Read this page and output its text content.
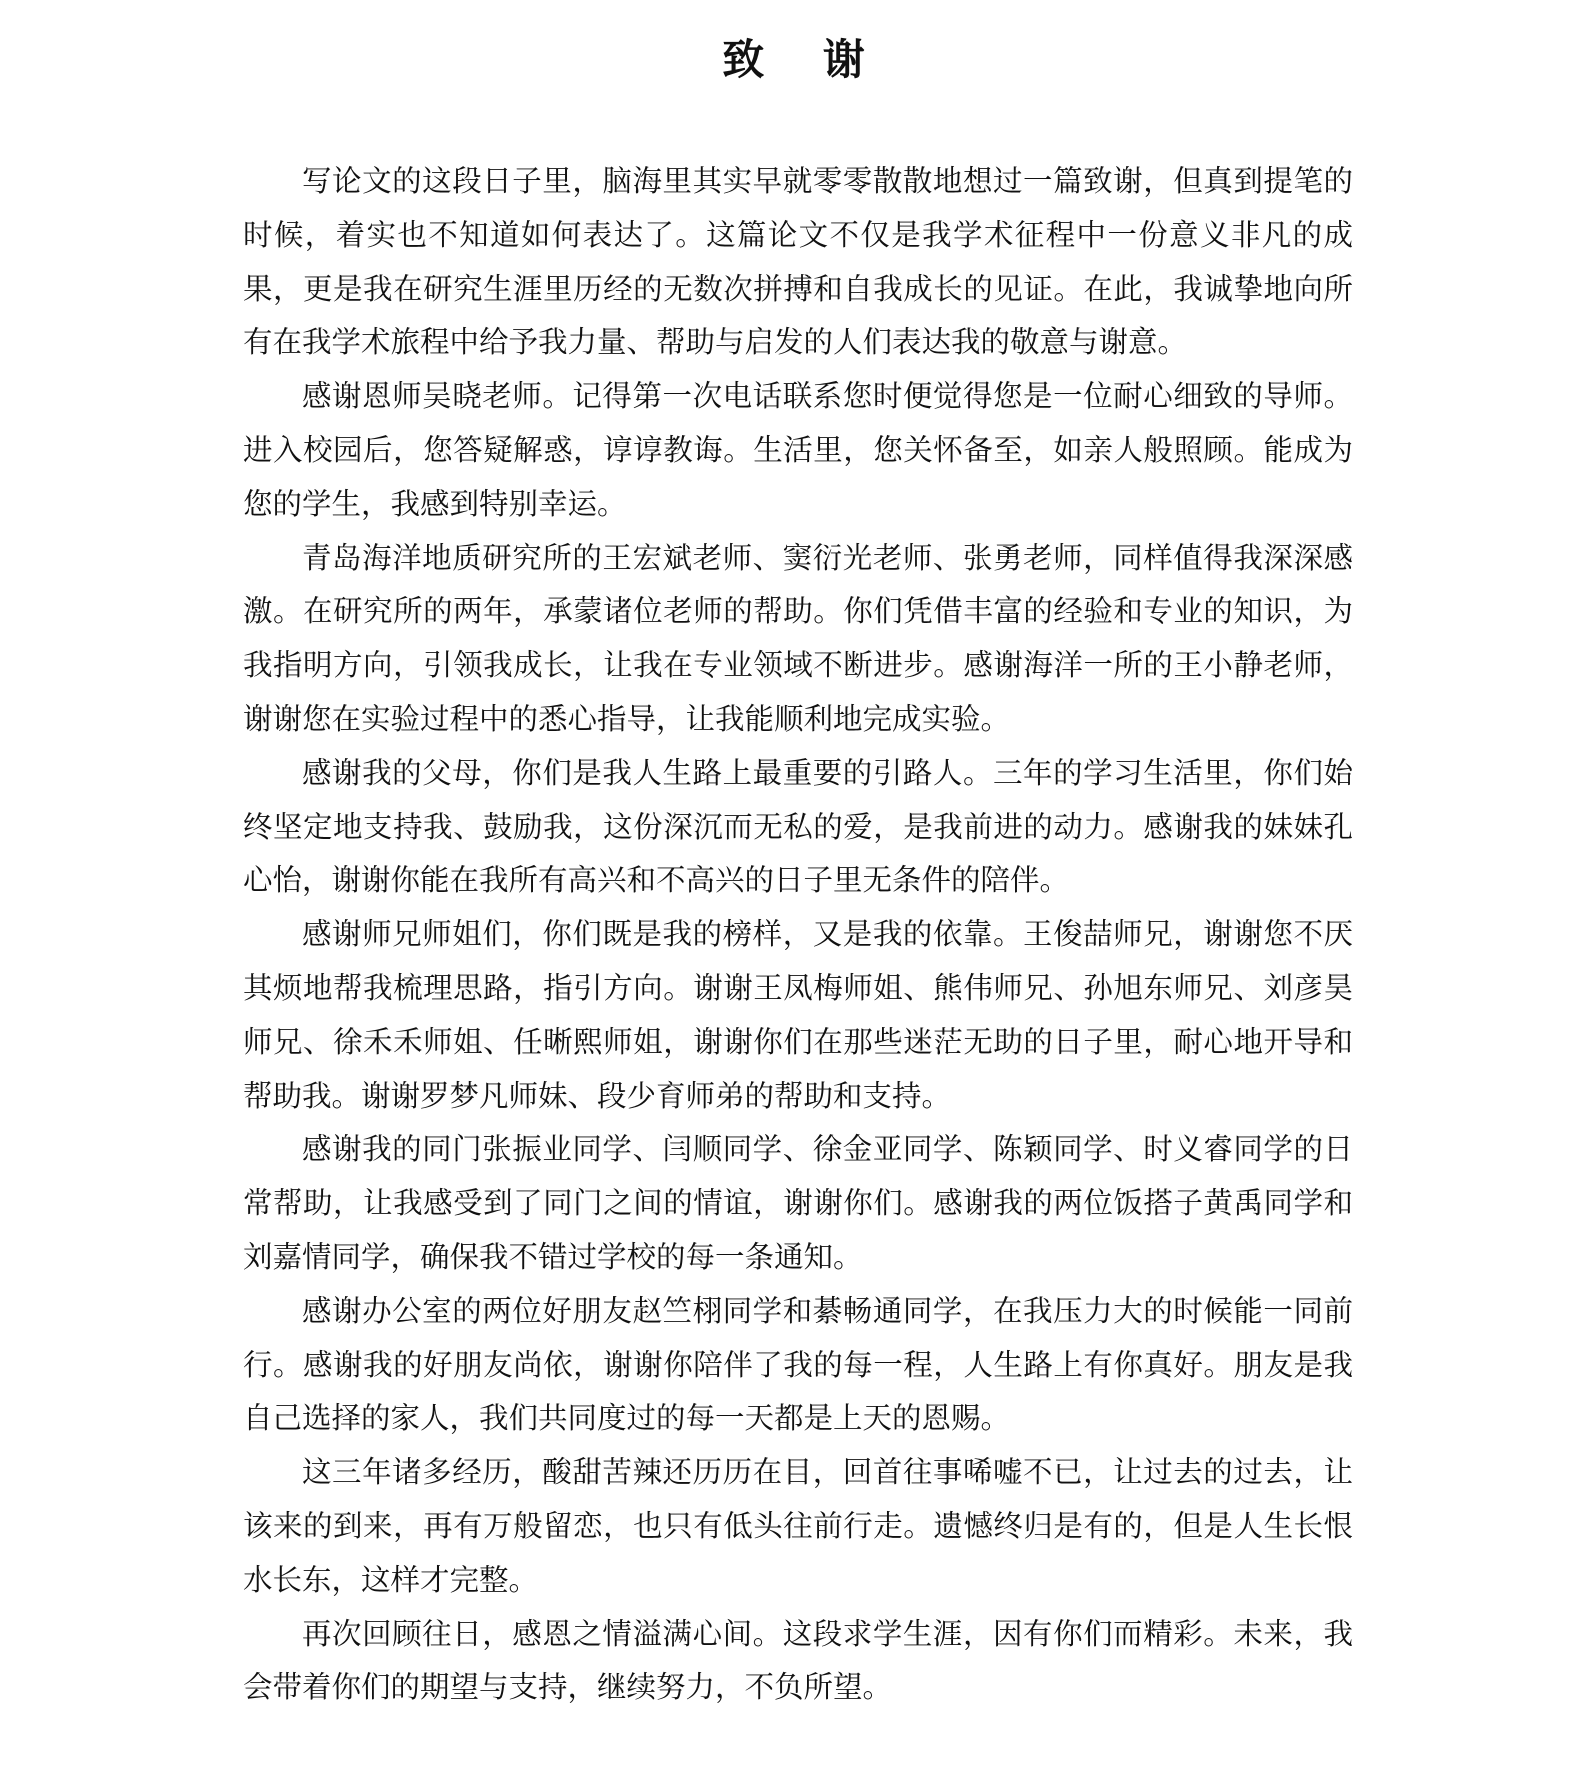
致    谢

写论文的这段日子里，脑海里其实早就零零散散地想过一篇致谢，但真到提笔的时候，着实也不知道如何表达了。这篇论文不仅是我学术征程中一份意义非凡的成果，更是我在研究生涯里历经的无数次拼搏和自我成长的见证。在此，我诚挚地向所有在我学术旅程中给予我力量、帮助与启发的人们表达我的敬意与谢意。

感谢恩师吴晓老师。记得第一次电话联系您时便觉得您是一位耐心细致的导师。进入校园后，您答疑解惑，谆谆教诲。生活里，您关怀备至，如亲人般照顾。能成为您的学生，我感到特别幸运。

青岛海洋地质研究所的王宏斌老师、窦衍光老师、张勇老师，同样值得我深深感激。在研究所的两年，承蒙诸位老师的帮助。你们凭借丰富的经验和专业的知识，为我指明方向，引领我成长，让我在专业领域不断进步。感谢海洋一所的王小静老师，谢谢您在实验过程中的悉心指导，让我能顺利地完成实验。

感谢我的父母，你们是我人生路上最重要的引路人。三年的学习生活里，你们始终坚定地支持我、鼓励我，这份深沉而无私的爱，是我前进的动力。感谢我的妹妹孔心怡，谢谢你能在我所有高兴和不高兴的日子里无条件的陪伴。

感谢师兄师姐们，你们既是我的榜样，又是我的依靠。王俊喆师兄，谢谢您不厌其烦地帮我梳理思路，指引方向。谢谢王凤梅师姐、熊伟师兄、孙旭东师兄、刘彦昊师兄、徐禾禾师姐、任晰熙师姐，谢谢你们在那些迷茫无助的日子里，耐心地开导和帮助我。谢谢罗梦凡师妹、段少育师弟的帮助和支持。

感谢我的同门张振业同学、闫顺同学、徐金亚同学、陈颖同学、时义睿同学的日常帮助，让我感受到了同门之间的情谊，谢谢你们。感谢我的两位饭搭子黄禹同学和刘嘉情同学，确保我不错过学校的每一条通知。

感谢办公室的两位好朋友赵竺栩同学和綦畅通同学，在我压力大的时候能一同前行。感谢我的好朋友尚依，谢谢你陪伴了我的每一程，人生路上有你真好。朋友是我自己选择的家人，我们共同度过的每一天都是上天的恩赐。

这三年诸多经历，酸甜苦辣还历历在目，回首往事唏嘘不已，让过去的过去，让该来的到来，再有万般留恋，也只有低头往前行走。遗憾终归是有的，但是人生长恨水长东，这样才完整。

再次回顾往日，感恩之情溢满心间。这段求学生涯，因有你们而精彩。未来，我会带着你们的期望与支持，继续努力，不负所望。
